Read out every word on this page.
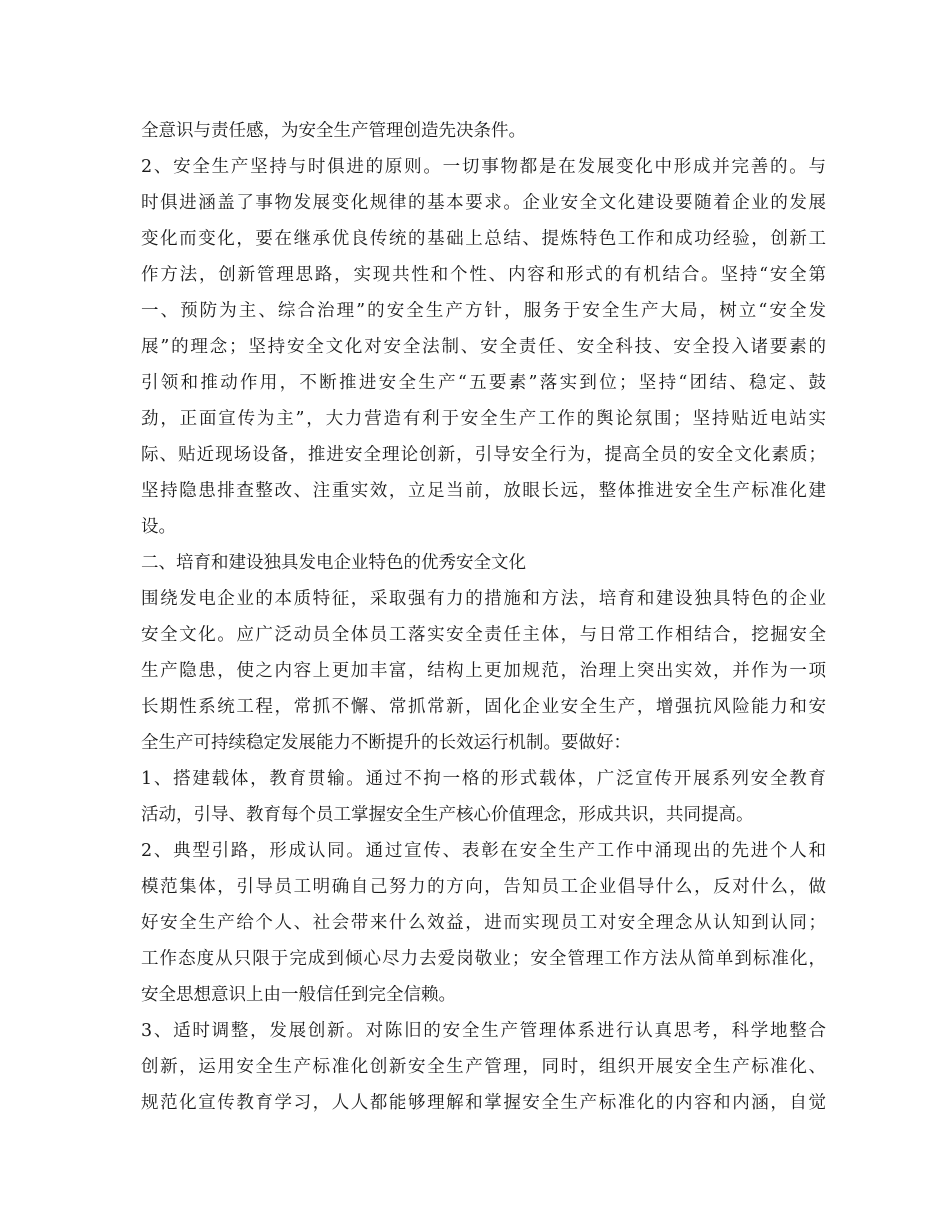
全意识与责任感，为安全生产管理创造先决条件。
2、安全生产坚持与时俱进的原则。一切事物都是在发展变化中形成并完善的。与
时俱进涵盖了事物发展变化规律的基本要求。企业安全文化建设要随着企业的发展
变化而变化，要在继承优良传统的基础上总结、提炼特色工作和成功经验，创新工
作方法，创新管理思路，实现共性和个性、内容和形式的有机结合。坚持“安全第
一、预防为主、综合治理”的安全生产方针，服务于安全生产大局，树立“安全发
展”的理念；坚持安全文化对安全法制、安全责任、安全科技、安全投入诸要素的
引领和推动作用，不断推进安全生产“五要素”落实到位；坚持“团结、稳定、鼓
劲，正面宣传为主”，大力营造有利于安全生产工作的舆论氛围；坚持贴近电站实
际、贴近现场设备，推进安全理论创新，引导安全行为，提高全员的安全文化素质；
坚持隐患排查整改、注重实效，立足当前，放眼长远，整体推进安全生产标准化建
设。
二、培育和建设独具发电企业特色的优秀安全文化
围绕发电企业的本质特征，采取强有力的措施和方法，培育和建设独具特色的企业
安全文化。应广泛动员全体员工落实安全责任主体，与日常工作相结合，挖掘安全
生产隐患，使之内容上更加丰富，结构上更加规范，治理上突出实效，并作为一项
长期性系统工程，常抓不懈、常抓常新，固化企业安全生产，增强抗风险能力和安
全生产可持续稳定发展能力不断提升的长效运行机制。要做好：
1、搭建载体，教育贯输。通过不拘一格的形式载体，广泛宣传开展系列安全教育
活动，引导、教育每个员工掌握安全生产核心价值理念，形成共识，共同提高。
2、典型引路，形成认同。通过宣传、表彰在安全生产工作中涌现出的先进个人和
模范集体，引导员工明确自己努力的方向，告知员工企业倡导什么，反对什么，做
好安全生产给个人、社会带来什么效益，进而实现员工对安全理念从认知到认同；
工作态度从只限于完成到倾心尽力去爱岗敬业；安全管理工作方法从简单到标准化，
安全思想意识上由一般信任到完全信赖。
3、适时调整，发展创新。对陈旧的安全生产管理体系进行认真思考，科学地整合
创新，运用安全生产标准化创新安全生产管理，同时，组织开展安全生产标准化、
规范化宣传教育学习，人人都能够理解和掌握安全生产标准化的内容和内涵，自觉
